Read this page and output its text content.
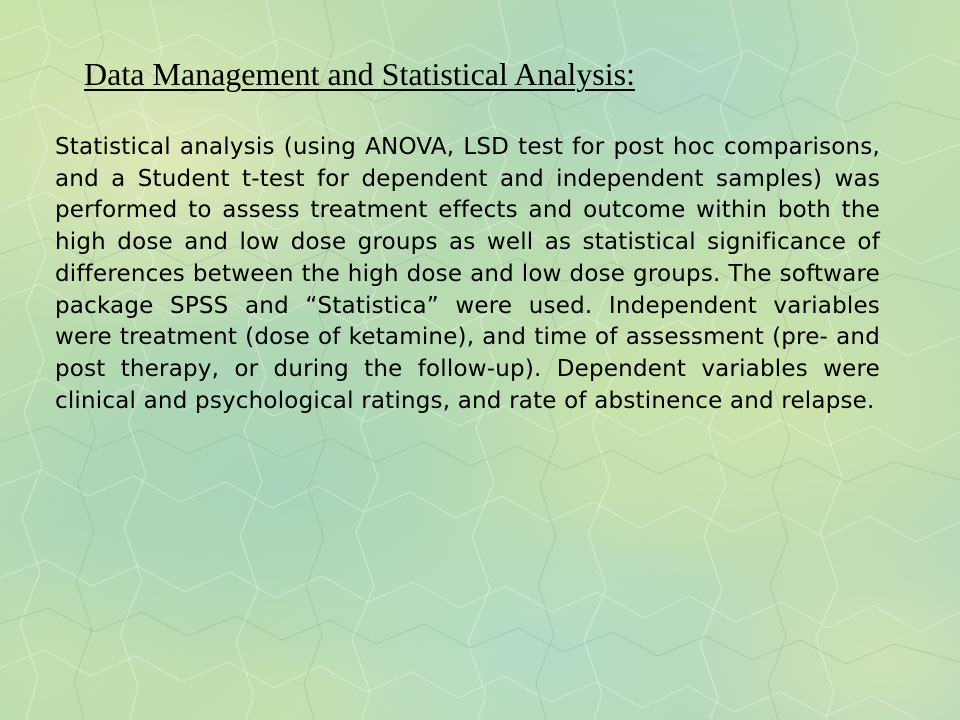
Data Management and Statistical Analysis:

Statistical analysis (using ANOVA, LSD test for post hoc comparisons, and a Student t-test for dependent and independent samples) was performed to assess treatment effects and outcome within both the high dose and low dose groups as well as statistical significance of differences between the high dose and low dose groups. The software package SPSS and “Statistica” were used. Independent variables were treatment (dose of ketamine), and time of assessment (pre- and post therapy, or during the follow-up). Dependent variables were clinical and psychological ratings, and rate of abstinence and relapse.
